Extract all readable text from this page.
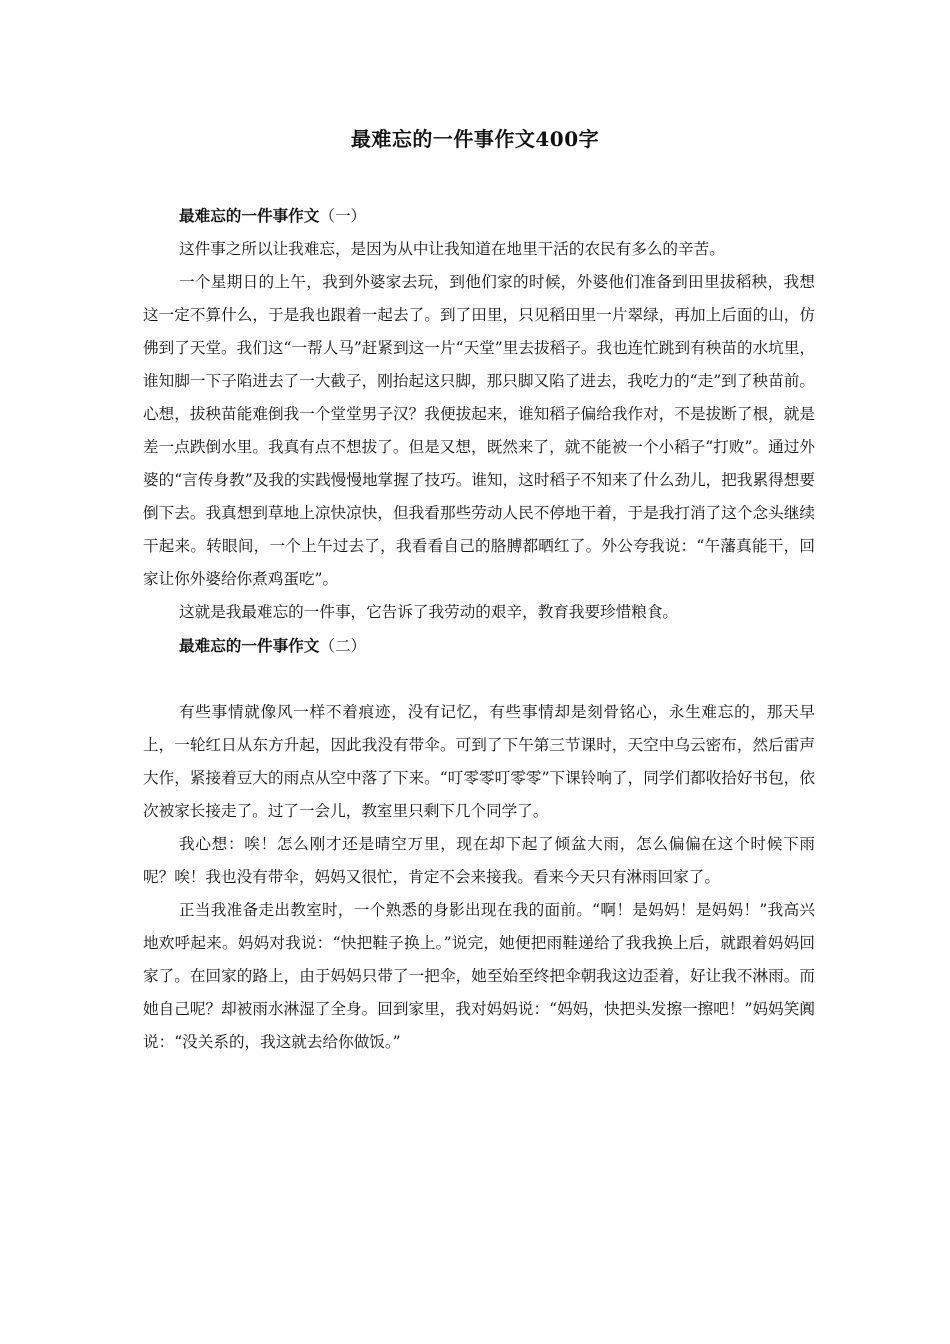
最难忘的一件事作文400字

最难忘的一件事作文（一）

这件事之所以让我难忘，是因为从中让我知道在地里干活的农民有多么的辛苦。

一个星期日的上午，我到外婆家去玩，到他们家的时候，外婆他们准备到田里拔稻秧，我想这一定不算什么，于是我也跟着一起去了。到了田里，只见稻田里一片翠绿，再加上后面的山，仿佛到了天堂。我们这“一帮人马”赶紧到这一片“天堂”里去拔稻子。我也连忙跳到有秧苗的水坑里，谁知脚一下子陷进去了一大截子，刚抬起这只脚，那只脚又陷了进去，我吃力的“走”到了秧苗前。心想，拔秧苗能难倒我一个堂堂男子汉？我便拔起来，谁知稻子偏给我作对，不是拔断了根，就是差一点跌倒水里。我真有点不想拔了。但是又想，既然来了，就不能被一个小稻子“打败”。通过外婆的“言传身教”及我的实践慢慢地掌握了技巧。谁知，这时稻子不知来了什么劲儿，把我累得想要倒下去。我真想到草地上凉快凉快，但我看那些劳动人民不停地干着，于是我打消了这个念头继续干起来。转眼间，一个上午过去了，我看看自己的胳膊都晒红了。外公夸我说：“午藩真能干，回家让你外婆给你煮鸡蛋吃”。

这就是我最难忘的一件事，它告诉了我劳动的艰辛，教育我要珍惜粮食。

最难忘的一件事作文（二）

有些事情就像风一样不着痕迹，没有记忆，有些事情却是刻骨铭心，永生难忘的，那天早上，一轮红日从东方升起，因此我没有带伞。可到了下午第三节课时，天空中乌云密布，然后雷声大作，紧接着豆大的雨点从空中落了下来。“叮零零叮零零”下课铃响了，同学们都收拾好书包，依次被家长接走了。过了一会儿，教室里只剩下几个同学了。

我心想：唉！怎么刚才还是晴空万里，现在却下起了倾盆大雨，怎么偏偏在这个时候下雨呢？唉！我也没有带伞，妈妈又很忙，肯定不会来接我。看来今天只有淋雨回家了。

正当我准备走出教室时，一个熟悉的身影出现在我的面前。“啊！是妈妈！是妈妈！”我高兴地欢呼起来。妈妈对我说：“快把鞋子换上。”说完，她便把雨鞋递给了我我换上后，就跟着妈妈回家了。在回家的路上，由于妈妈只带了一把伞，她至始至终把伞朝我这边歪着，好让我不淋雨。而她自己呢？却被雨水淋湿了全身。回到家里，我对妈妈说：“妈妈，快把头发擦一擦吧！”妈妈笑阗说：“没关系的，我这就去给你做饭。”
